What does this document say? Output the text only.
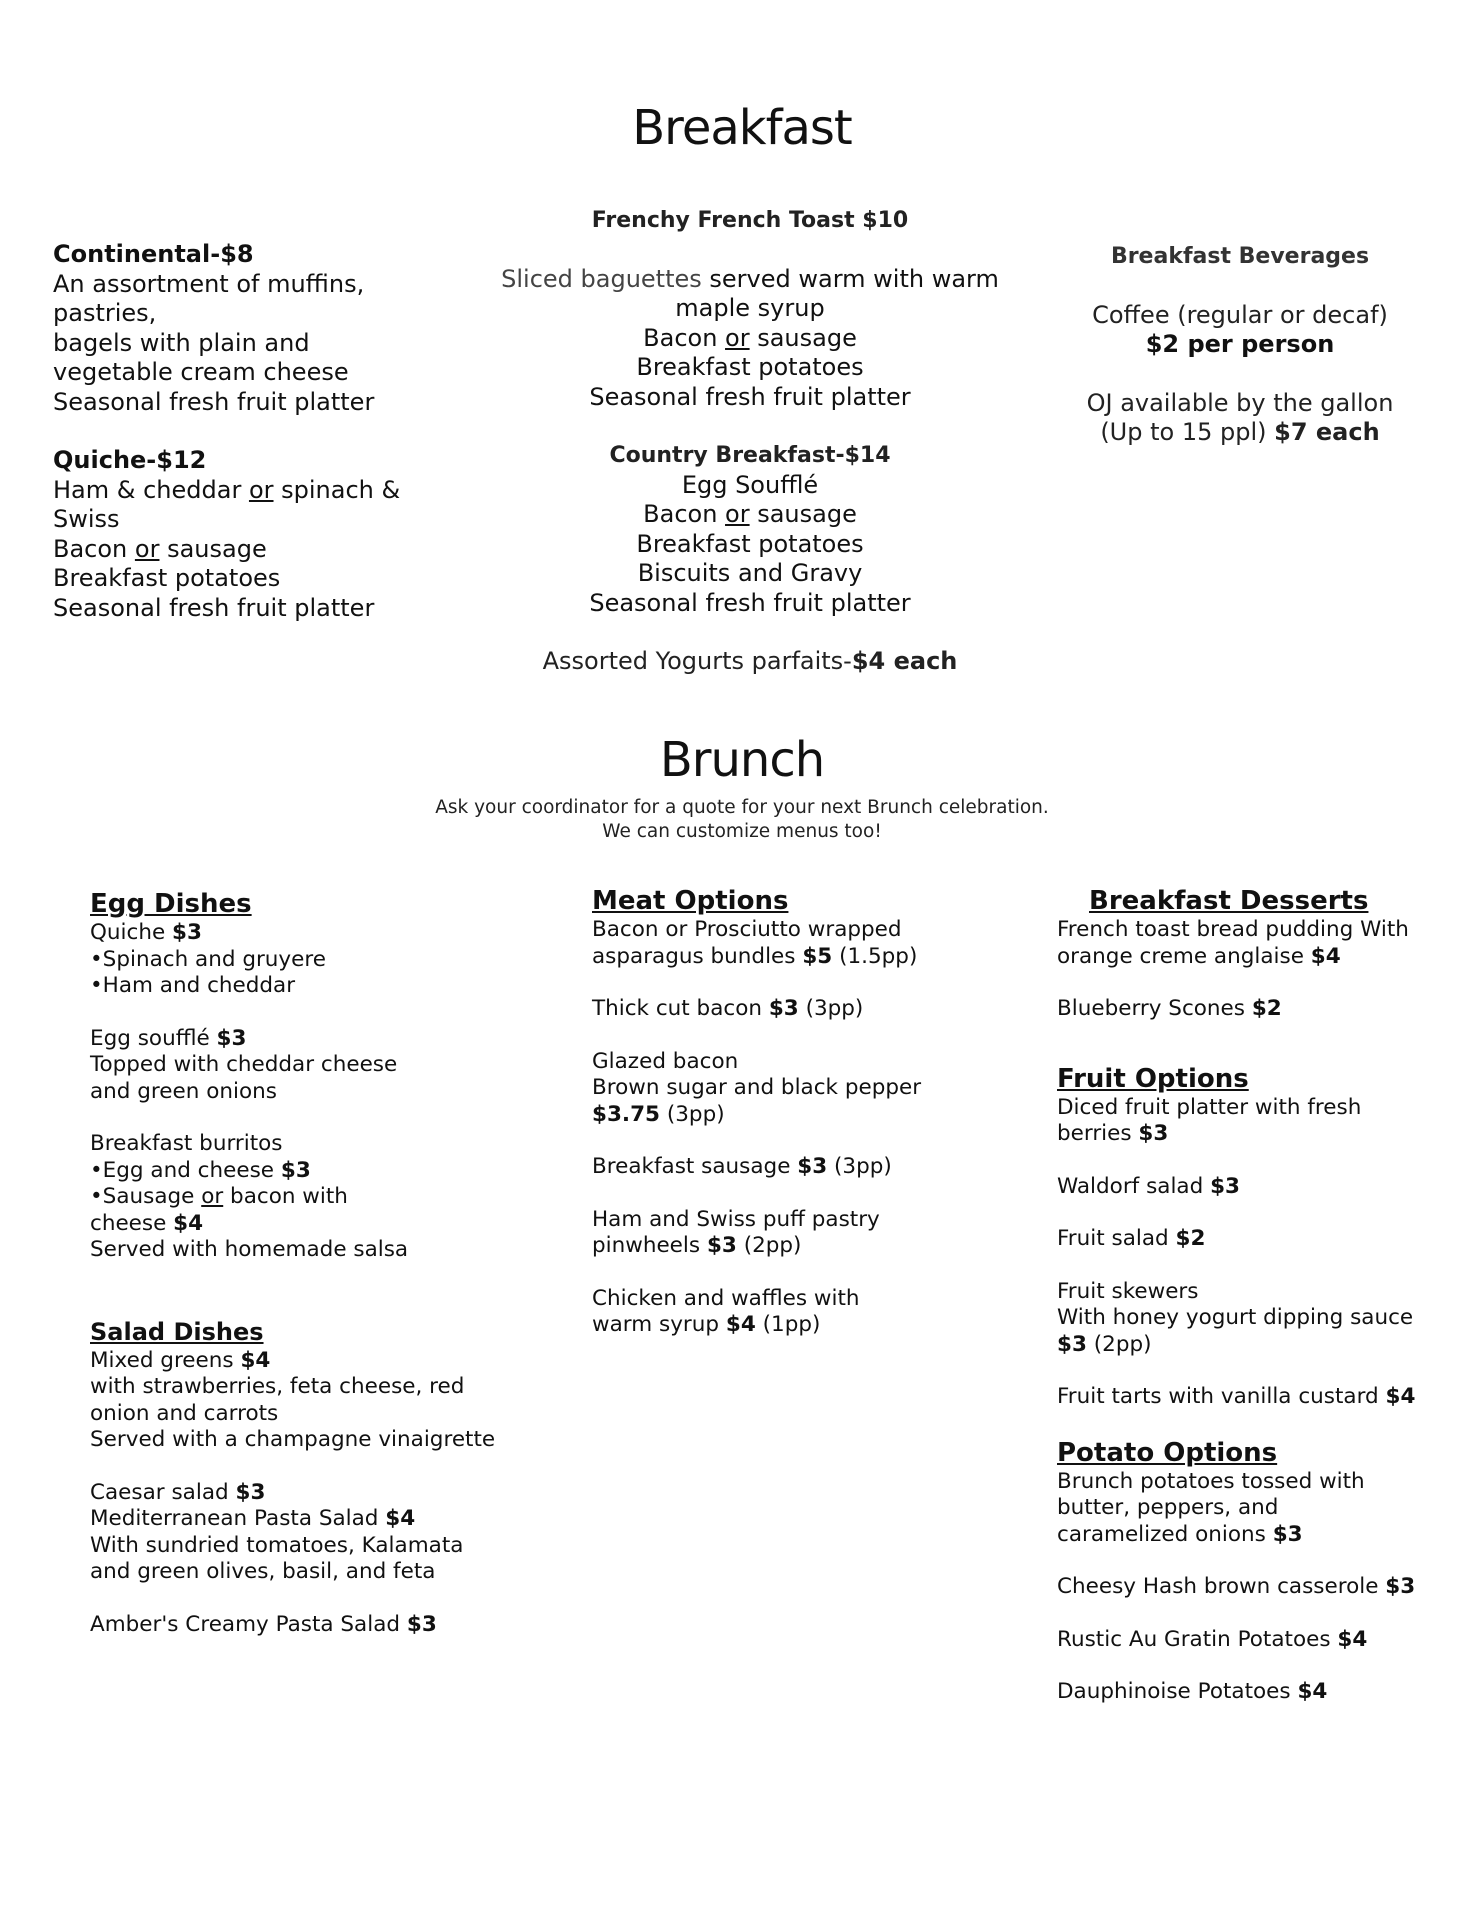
Breakfast
Continental-$8
An assortment of muffins,
pastries,
bagels with plain and
vegetable cream cheese
Seasonal fresh fruit platter
Quiche-$12
Ham & cheddar or spinach &
Swiss
Bacon or sausage
Breakfast potatoes
Seasonal fresh fruit platter
Frenchy French Toast $10
Sliced baguettes served warm with warm
maple syrup
Bacon or sausage
Breakfast potatoes
Seasonal fresh fruit platter
Country Breakfast-$14
Egg Soufflé
Bacon or sausage
Breakfast potatoes
Biscuits and Gravy
Seasonal fresh fruit platter
Assorted Yogurts parfaits-$4 each
Breakfast Beverages
Coffee (regular or decaf)
$2 per person
OJ available by the gallon
(Up to 15 ppl) $7 each
Brunch
Ask your coordinator for a quote for your next Brunch celebration.
We can customize menus too!
Egg Dishes
Quiche $3
•Spinach and gruyere
•Ham and cheddar
Egg soufflé $3
Topped with cheddar cheese
and green onions
Breakfast burritos
•Egg and cheese $3
•Sausage or bacon with
cheese $4
Served with homemade salsa
Salad Dishes
Mixed greens $4
with strawberries, feta cheese, red
onion and carrots
Served with a champagne vinaigrette
Caesar salad $3
Mediterranean Pasta Salad $4
With sundried tomatoes, Kalamata
and green olives, basil, and feta
Amber's Creamy Pasta Salad $3
Meat Options
Bacon or Prosciutto wrapped
asparagus bundles $5 (1.5pp)
Thick cut bacon $3 (3pp)
Glazed bacon
Brown sugar and black pepper
$3.75 (3pp)
Breakfast sausage $3 (3pp)
Ham and Swiss puff pastry
pinwheels $3 (2pp)
Chicken and waffles with
warm syrup $4 (1pp)
Breakfast Desserts
French toast bread pudding With
orange creme anglaise $4
Blueberry Scones $2
Fruit Options
Diced fruit platter with fresh
berries $3
Waldorf salad $3
Fruit salad $2
Fruit skewers
With honey yogurt dipping sauce
$3 (2pp)
Fruit tarts with vanilla custard $4
Potato Options
Brunch potatoes tossed with
butter, peppers, and
caramelized onions $3
Cheesy Hash brown casserole $3
Rustic Au Gratin Potatoes $4
Dauphinoise Potatoes $4
